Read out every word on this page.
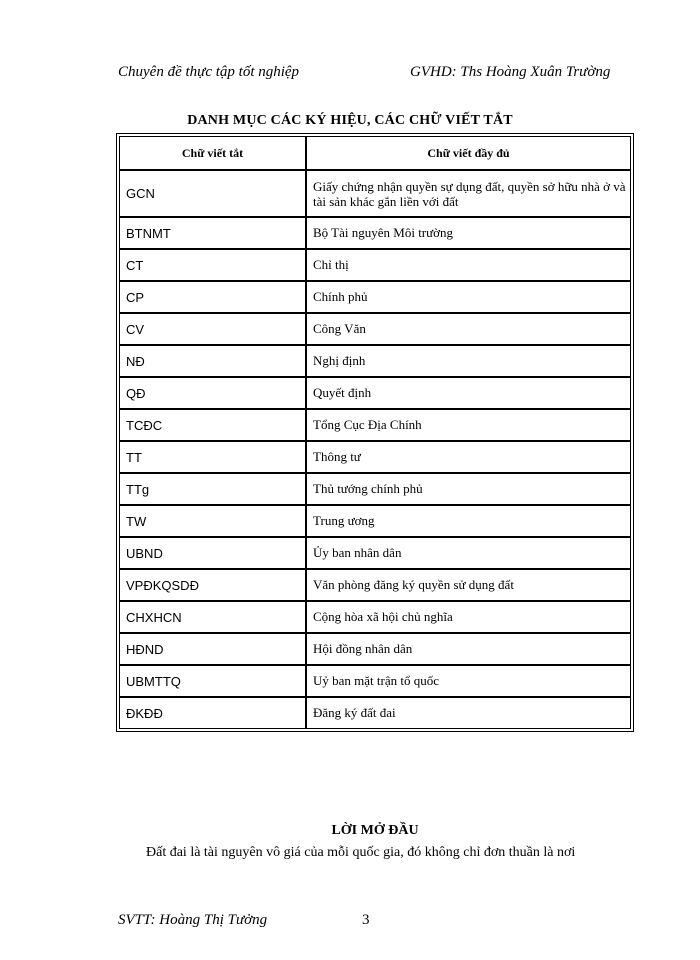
Chuyên đề thực tập tốt nghiệp	GVHD: Ths Hoàng Xuân Trường
DANH MỤC CÁC KÝ HIỆU, CÁC CHỮ VIẾT TẮT
Chữ viết tắt	Chữ viết đầy đủ
GCN	Giấy chứng nhận quyền sự dụng đất, quyền sở hữu nhà ở và tài sản khác gắn liền với đất
BTNMT	Bộ Tài nguyên Môi trường
CT	Chỉ thị
CP	Chính phủ
CV	Công Văn
NĐ	Nghị định
QĐ	Quyết định
TCĐC	Tổng Cục Địa Chính
TT	Thông tư
TTg	Thủ tướng chính phủ
TW	Trung ương
UBND	Ủy ban nhân dân
VPĐKQSDĐ	Văn phòng đăng ký quyền sử dụng đất
CHXHCN	Cộng hòa xã hội chủ nghĩa
HĐND	Hội đồng nhân dân
UBMTTQ	Uỷ ban mặt trận tổ quốc
ĐKĐĐ	Đăng ký đất đai
LỜI MỞ ĐẦU
Đất đai là tài nguyên vô giá của mỗi quốc gia, đó không chỉ đơn thuần là nơi
SVTT: Hoàng Thị Tưởng	3
